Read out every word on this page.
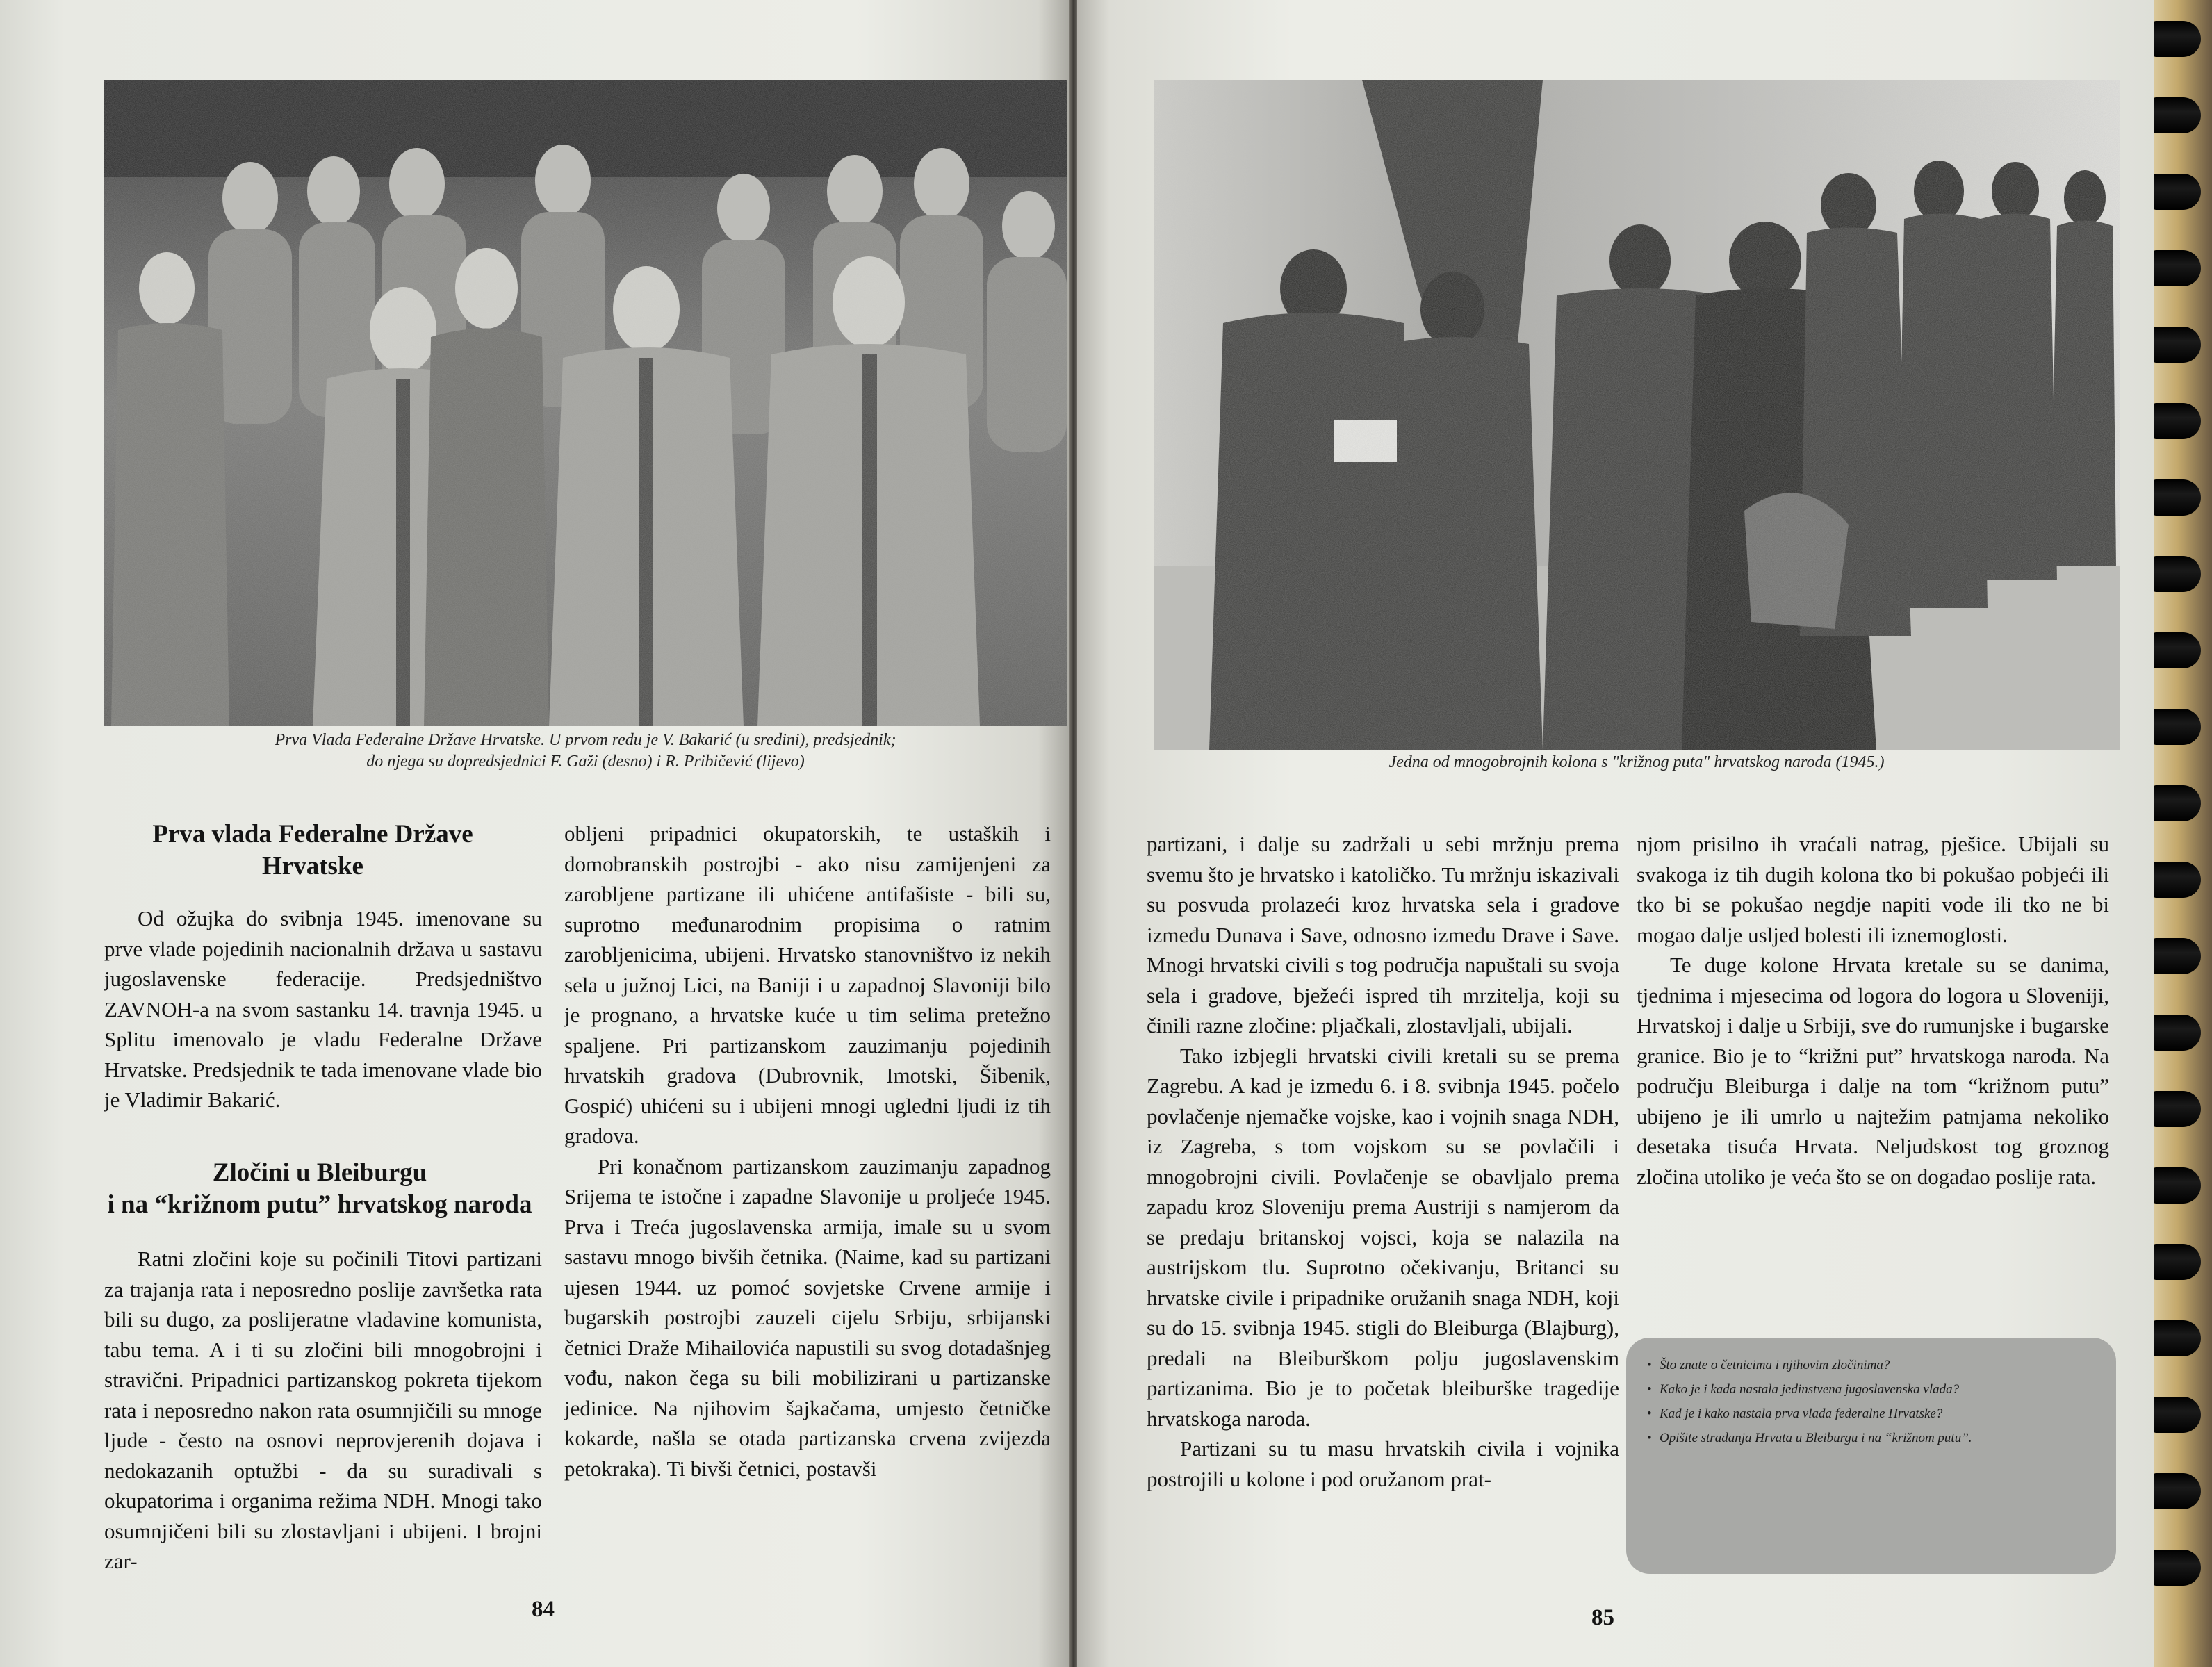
Prva Vlada Federalne Države Hrvatske. U prvom redu je V. Bakarić (u sredini), predsjednik;
do njega su dopredsjednici F. Gaži (desno) i R. Pribičević (lijevo)
Prva vlada Federalne Države
Hrvatske

Od ožujka do svibnja 1945. imenovane su prve vlade pojedinih nacionalnih država u sastavu jugoslavenske federacije. Predsjedništvo ZAVNOH-a na svom sastanku 14. travnja 1945. u Splitu imenovalo je vladu Federalne Države Hrvatske. Predsjednik te tada imenovane vlade bio je Vladimir Bakarić.

Zločini u Bleiburgu
i na “križnom putu” hrvatskog naroda

Ratni zločini koje su počinili Titovi partizani za trajanja rata i neposredno poslije završetka rata bili su dugo, za poslijeratne vladavine komunista, tabu tema. A i ti su zločini bili mnogobrojni i stravični. Pripadnici partizanskog pokreta tijekom rata i neposredno nakon rata osumnjičili su mnoge ljude - često na osnovi neprovjerenih dojava i nedokazanih optužbi - da su suradivali s okupatorima i organima režima NDH. Mnogi tako osumnjičeni bili su zlostavljani i ubijeni. I brojni zar-

obljeni pripadnici okupatorskih, te ustaških i domobranskih postrojbi - ako nisu zamijenjeni za zarobljene partizane ili uhićene antifašiste - bili su, suprotno međunarodnim propisima o ratnim zarobljenicima, ubijeni. Hrvatsko stanovništvo iz nekih sela u južnoj Lici, na Baniji i u zapadnoj Slavoniji bilo je prognano, a hrvatske kuće u tim selima pretežno spaljene. Pri partizanskom zauzimanju pojedinih hrvatskih gradova (Dubrovnik, Imotski, Šibenik, Gospić) uhićeni su i ubijeni mnogi ugledni ljudi iz tih gradova.

Pri konačnom partizanskom zauzimanju zapadnog Srijema te istočne i zapadne Slavonije u proljeće 1945. Prva i Treća jugoslavenska armija, imale su u svom sastavu mnogo bivših četnika. (Naime, kad su partizani ujesen 1944. uz pomoć sovjetske Crvene armije i bugarskih postrojbi zauzeli cijelu Srbiju, srbijanski četnici Draže Mihailovića napustili su svog dotadašnjeg vođu, nakon čega su bili mobilizirani u partizanske jedinice. Na njihovim šajkačama, umjesto četničke kokarde, našla se otada partizanska crvena zvijezda petokraka). Ti bivši četnici, postavši

84
Jedna od mnogobrojnih kolona s "križnog puta" hrvatskog naroda (1945.)

partizani, i dalje su zadržali u sebi mržnju prema svemu što je hrvatsko i katoličko. Tu mržnju iskazivali su posvuda prolazeći kroz hrvatska sela i gradove između Dunava i Save, odnosno između Drave i Save. Mnogi hrvatski civili s tog područja napuštali su svoja sela i gradove, bježeći ispred tih mrzitelja, koji su činili razne zločine: pljačkali, zlostavljali, ubijali.

Tako izbjegli hrvatski civili kretali su se prema Zagrebu. A kad je između 6. i 8. svibnja 1945. počelo povlačenje njemačke vojske, kao i vojnih snaga NDH, iz Zagreba, s tom vojskom su se povlačili i mnogobrojni civili. Povlačenje se obavljalo prema zapadu kroz Sloveniju prema Austriji s namjerom da se predaju britanskoj vojsci, koja se nalazila na austrijskom tlu. Suprotno očekivanju, Britanci su hrvatske civile i pripadnike oružanih snaga NDH, koji su do 15. svibnja 1945. stigli do Bleiburga (Blajburg), predali na Bleiburškom polju jugoslavenskim partizanima. Bio je to početak bleiburške tragedije hrvatskoga naroda.

Partizani su tu masu hrvatskih civila i vojnika postrojili u kolone i pod oružanom prat-

njom prisilno ih vraćali natrag, pješice. Ubijali su svakoga iz tih dugih kolona tko bi pokušao pobjeći ili tko bi se pokušao negdje napiti vode ili tko ne bi mogao dalje usljed bolesti ili iznemoglosti.

Te duge kolone Hrvata kretale su se danima, tjednima i mjesecima od logora do logora u Sloveniji, Hrvatskoj i dalje u Srbiji, sve do rumunjske i bugarske granice. Bio je to “križni put” hrvatskoga naroda. Na području Bleiburga i dalje na tom “križnom putu” ubijeno je ili umrlo u najtežim patnjama nekoliko desetaka tisuća Hrvata. Neljudskost tog groznog zločina utoliko je veća što se on događao poslije rata.

85
• Što znate o četnicima i njihovim zločinima?
• Kako je i kada nastala jedinstvena jugoslavenska vlada?
• Kad je i kako nastala prva vlada federalne Hrvatske?
• Opišite stradanja Hrvata u Bleiburgu i na “križnom putu”.
